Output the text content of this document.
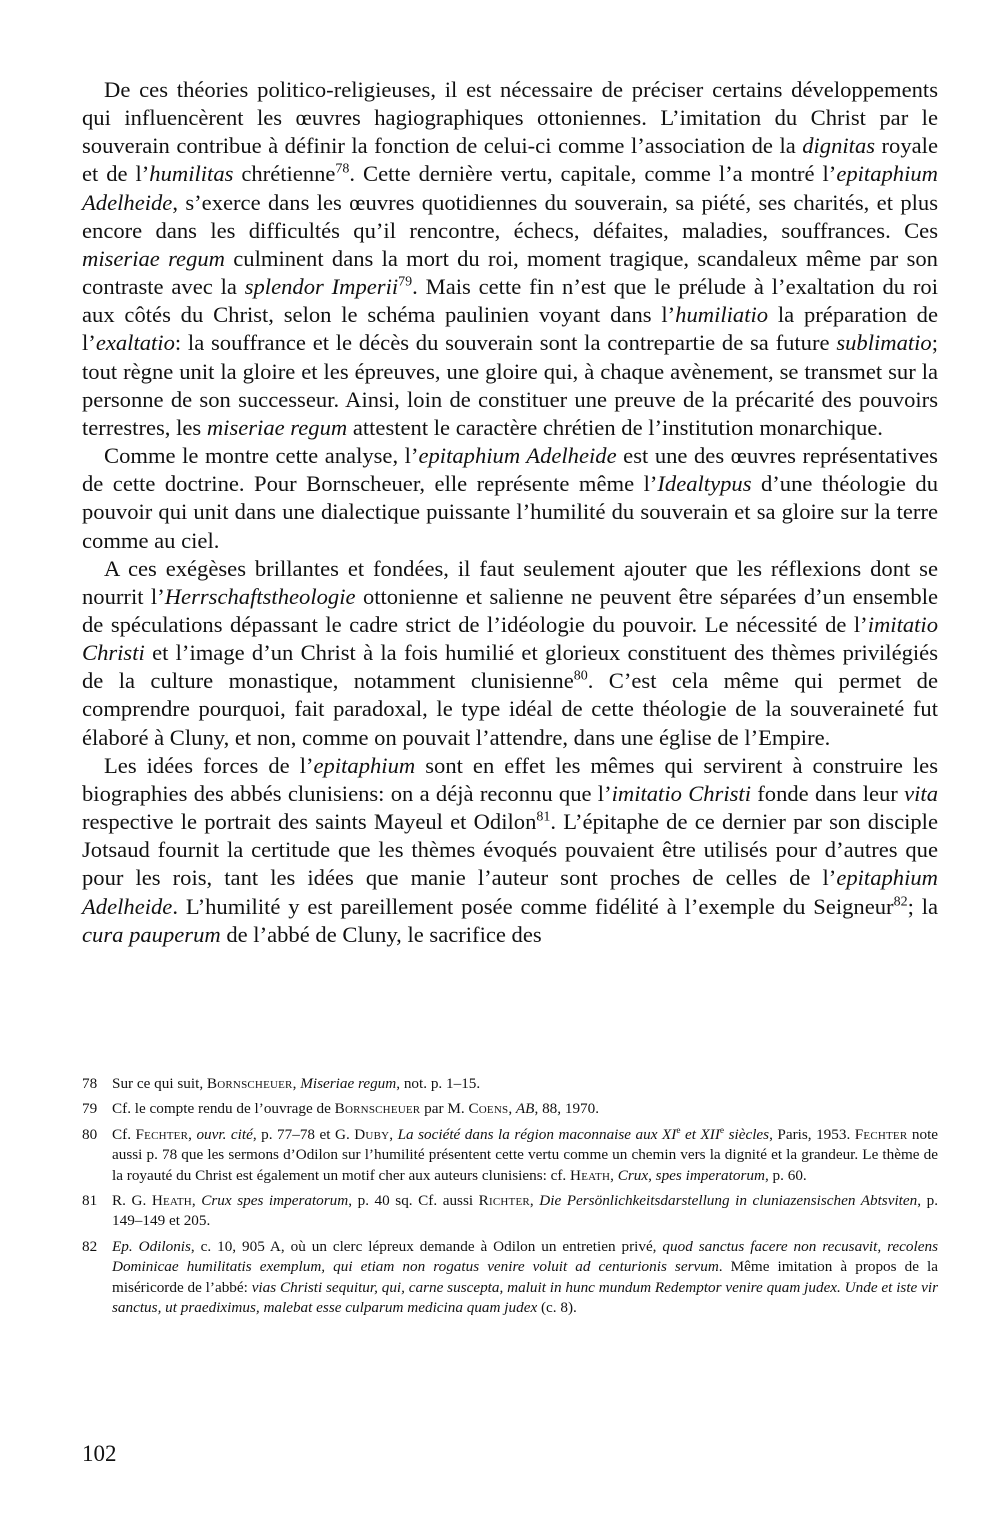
De ces théories politico-religieuses, il est nécessaire de préciser certains développements qui influencèrent les œuvres hagiographiques ottoniennes. L’imitation du Christ par le souverain contribue à définir la fonction de celui-ci comme l’association de la dignitas royale et de l’humilitas chrétienne$^{78}$. Cette dernière vertu, capitale, comme l’a montré l’epitaphium Adelheide, s’exerce dans les œuvres quotidiennes du souverain, sa piété, ses charités, et plus encore dans les difficultés qu’il rencontre, échecs, défaites, maladies, souffrances. Ces miseriae regum culminent dans la mort du roi, moment tragique, scandaleux même par son contraste avec la splendor Imperii$^{79}$. Mais cette fin n’est que le prélude à l’exaltation du roi aux côtés du Christ, selon le schéma paulinien voyant dans l’humiliatio la préparation de l’exaltatio: la souffrance et le décès du souverain sont la contrepartie de sa future sublimatio; tout règne unit la gloire et les épreuves, une gloire qui, à chaque avènement, se transmet sur la personne de son successeur. Ainsi, loin de constituer une preuve de la précarité des pouvoirs terrestres, les miseriae regum attestent le caractère chrétien de l’institution monarchique.

Comme le montre cette analyse, l’epitaphium Adelheide est une des œuvres représentatives de cette doctrine. Pour Bornscheuer, elle représente même l’Idealtypus d’une théologie du pouvoir qui unit dans une dialectique puissante l’humilité du souverain et sa gloire sur la terre comme au ciel.

A ces exégèses brillantes et fondées, il faut seulement ajouter que les réflexions dont se nourrit l’Herrschaftstheologie ottonienne et salienne ne peuvent être séparées d’un ensemble de spéculations dépassant le cadre strict de l’idéologie du pouvoir. Le nécessité de l’imitatio Christi et l’image d’un Christ à la fois humilié et glorieux constituent des thèmes privilégiés de la culture monastique, notamment clunisienne$^{80}$. C’est cela même qui permet de comprendre pourquoi, fait paradoxal, le type idéal de cette théologie de la souveraineté fut élaboré à Cluny, et non, comme on pouvait l’attendre, dans une église de l’Empire.

Les idées forces de l’epitaphium sont en effet les mêmes qui servirent à construire les biographies des abbés clunisiens: on a déjà reconnu que l’imitatio Christi fonde dans leur vita respective le portrait des saints Mayeul et Odilon$^{81}$. L’épitaphe de ce dernier par son disciple Jotsaud fournit la certitude que les thèmes évoqués pouvaient être utilisés pour d’autres que pour les rois, tant les idées que manie l’auteur sont proches de celles de l’epitaphium Adelheide. L’humilité y est pareillement posée comme fidélité à l’exemple du Seigneur$^{82}$; la cura pauperum de l’abbé de Cluny, le sacrifice des

78 Sur ce qui suit, Bornscheuer, Miseriae regum, not. p. 1–15.
79 Cf. le compte rendu de l’ouvrage de Bornscheuer par M. Coens, AB, 88, 1970.
80 Cf. Fechter, ouvr. cité, p. 77–78 et G. Duby, La société dans la région maconnaise aux XIe et XIIe siècles, Paris, 1953. Fechter note aussi p. 78 que les sermons d’Odilon sur l’humilité présentent cette vertu comme un chemin vers la dignité et la grandeur. Le thème de la royauté du Christ est également un motif cher aux auteurs clunisiens: cf. Heath, Crux, spes imperatorum, p. 60.
81 R. G. Heath, Crux spes imperatorum, p. 40 sq. Cf. aussi Richter, Die Persönlichkeitsdarstellung in cluniazensischen Abtsviten, p. 149–149 et 205.
82 Ep. Odilonis, c. 10, 905 A, où un clerc lépreux demande à Odilon un entretien privé, quod sanctus facere non recusavit, recolens Dominicae humilitatis exemplum, qui etiam non rogatus venire voluit ad centurionis servum. Même imitation à propos de la miséricorde de l’abbé: vias Christi sequitur, qui, carne suscepta, maluit in hunc mundum Redemptor venire quam judex. Unde et iste vir sanctus, ut praediximus, malebat esse culparum medicina quam judex (c. 8).
102
